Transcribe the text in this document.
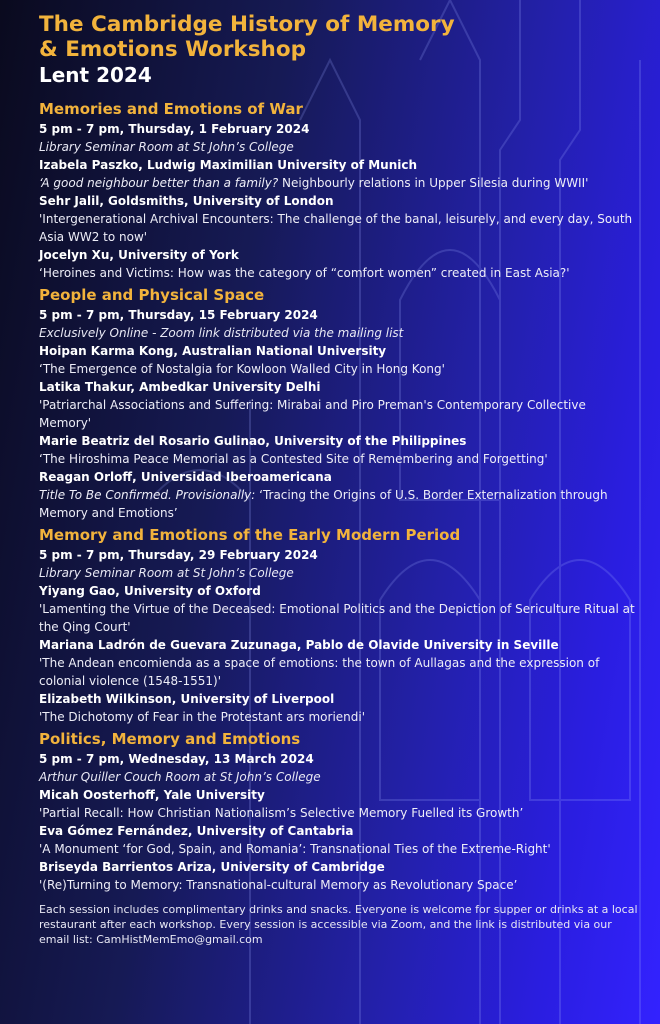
The Cambridge History of Memory
& Emotions Workshop
Lent 2024
Memories and Emotions of War
5 pm - 7 pm, Thursday, 1 February 2024
Library Seminar Room at St John’s College
Izabela Paszko, Ludwig Maximilian University of Munich
‘A good neighbour better than a family? Neighbourly relations in Upper Silesia during WWII'
Sehr Jalil, Goldsmiths, University of London
'Intergenerational Archival Encounters: The challenge of the banal, leisurely, and every day, South Asia WW2 to now'
Jocelyn Xu, University of York
‘Heroines and Victims: How was the category of “comfort women” created in East Asia?'
People and Physical Space
5 pm - 7 pm, Thursday, 15 February 2024
Exclusively Online - Zoom link distributed via the mailing list
Hoipan Karma Kong, Australian National University
‘The Emergence of Nostalgia for Kowloon Walled City in Hong Kong'
Latika Thakur, Ambedkar University Delhi
'Patriarchal Associations and Suffering: Mirabai and Piro Preman's Contemporary Collective Memory'
Marie Beatriz del Rosario Gulinao, University of the Philippines
‘The Hiroshima Peace Memorial as a Contested Site of Remembering and Forgetting'
Reagan Orloff, Universidad Iberoamericana
Title To Be Confirmed. Provisionally: ‘Tracing the Origins of U.S. Border Externalization through Memory and Emotions’
Memory and Emotions of the Early Modern Period
5 pm - 7 pm, Thursday, 29 February 2024
Library Seminar Room at St John’s College
Yiyang Gao, University of Oxford
'Lamenting the Virtue of the Deceased: Emotional Politics and the Depiction of Sericulture Ritual at the Qing Court'
Mariana Ladrón de Guevara Zuzunaga, Pablo de Olavide University in Seville
'The Andean encomienda as a space of emotions: the town of Aullagas and the expression of colonial violence (1548-1551)'
Elizabeth Wilkinson, University of Liverpool
'The Dichotomy of Fear in the Protestant ars moriendi'
Politics, Memory and Emotions
5 pm - 7 pm, Wednesday, 13 March 2024
Arthur Quiller Couch Room at St John’s College
Micah Oosterhoff, Yale University
'Partial Recall: How Christian Nationalism’s Selective Memory Fuelled its Growth’
Eva Gómez Fernández, University of Cantabria
'A Monument ‘for God, Spain, and Romania’: Transnational Ties of the Extreme-Right'
Briseyda Barrientos Ariza, University of Cambridge
'(Re)Turning to Memory: Transnational-cultural Memory as Revolutionary Space’
Each session includes complimentary drinks and snacks. Everyone is welcome for supper or drinks at a local restaurant after each workshop. Every session is accessible via Zoom, and the link is distributed via our email list: CamHistMemEmo@gmail.com
